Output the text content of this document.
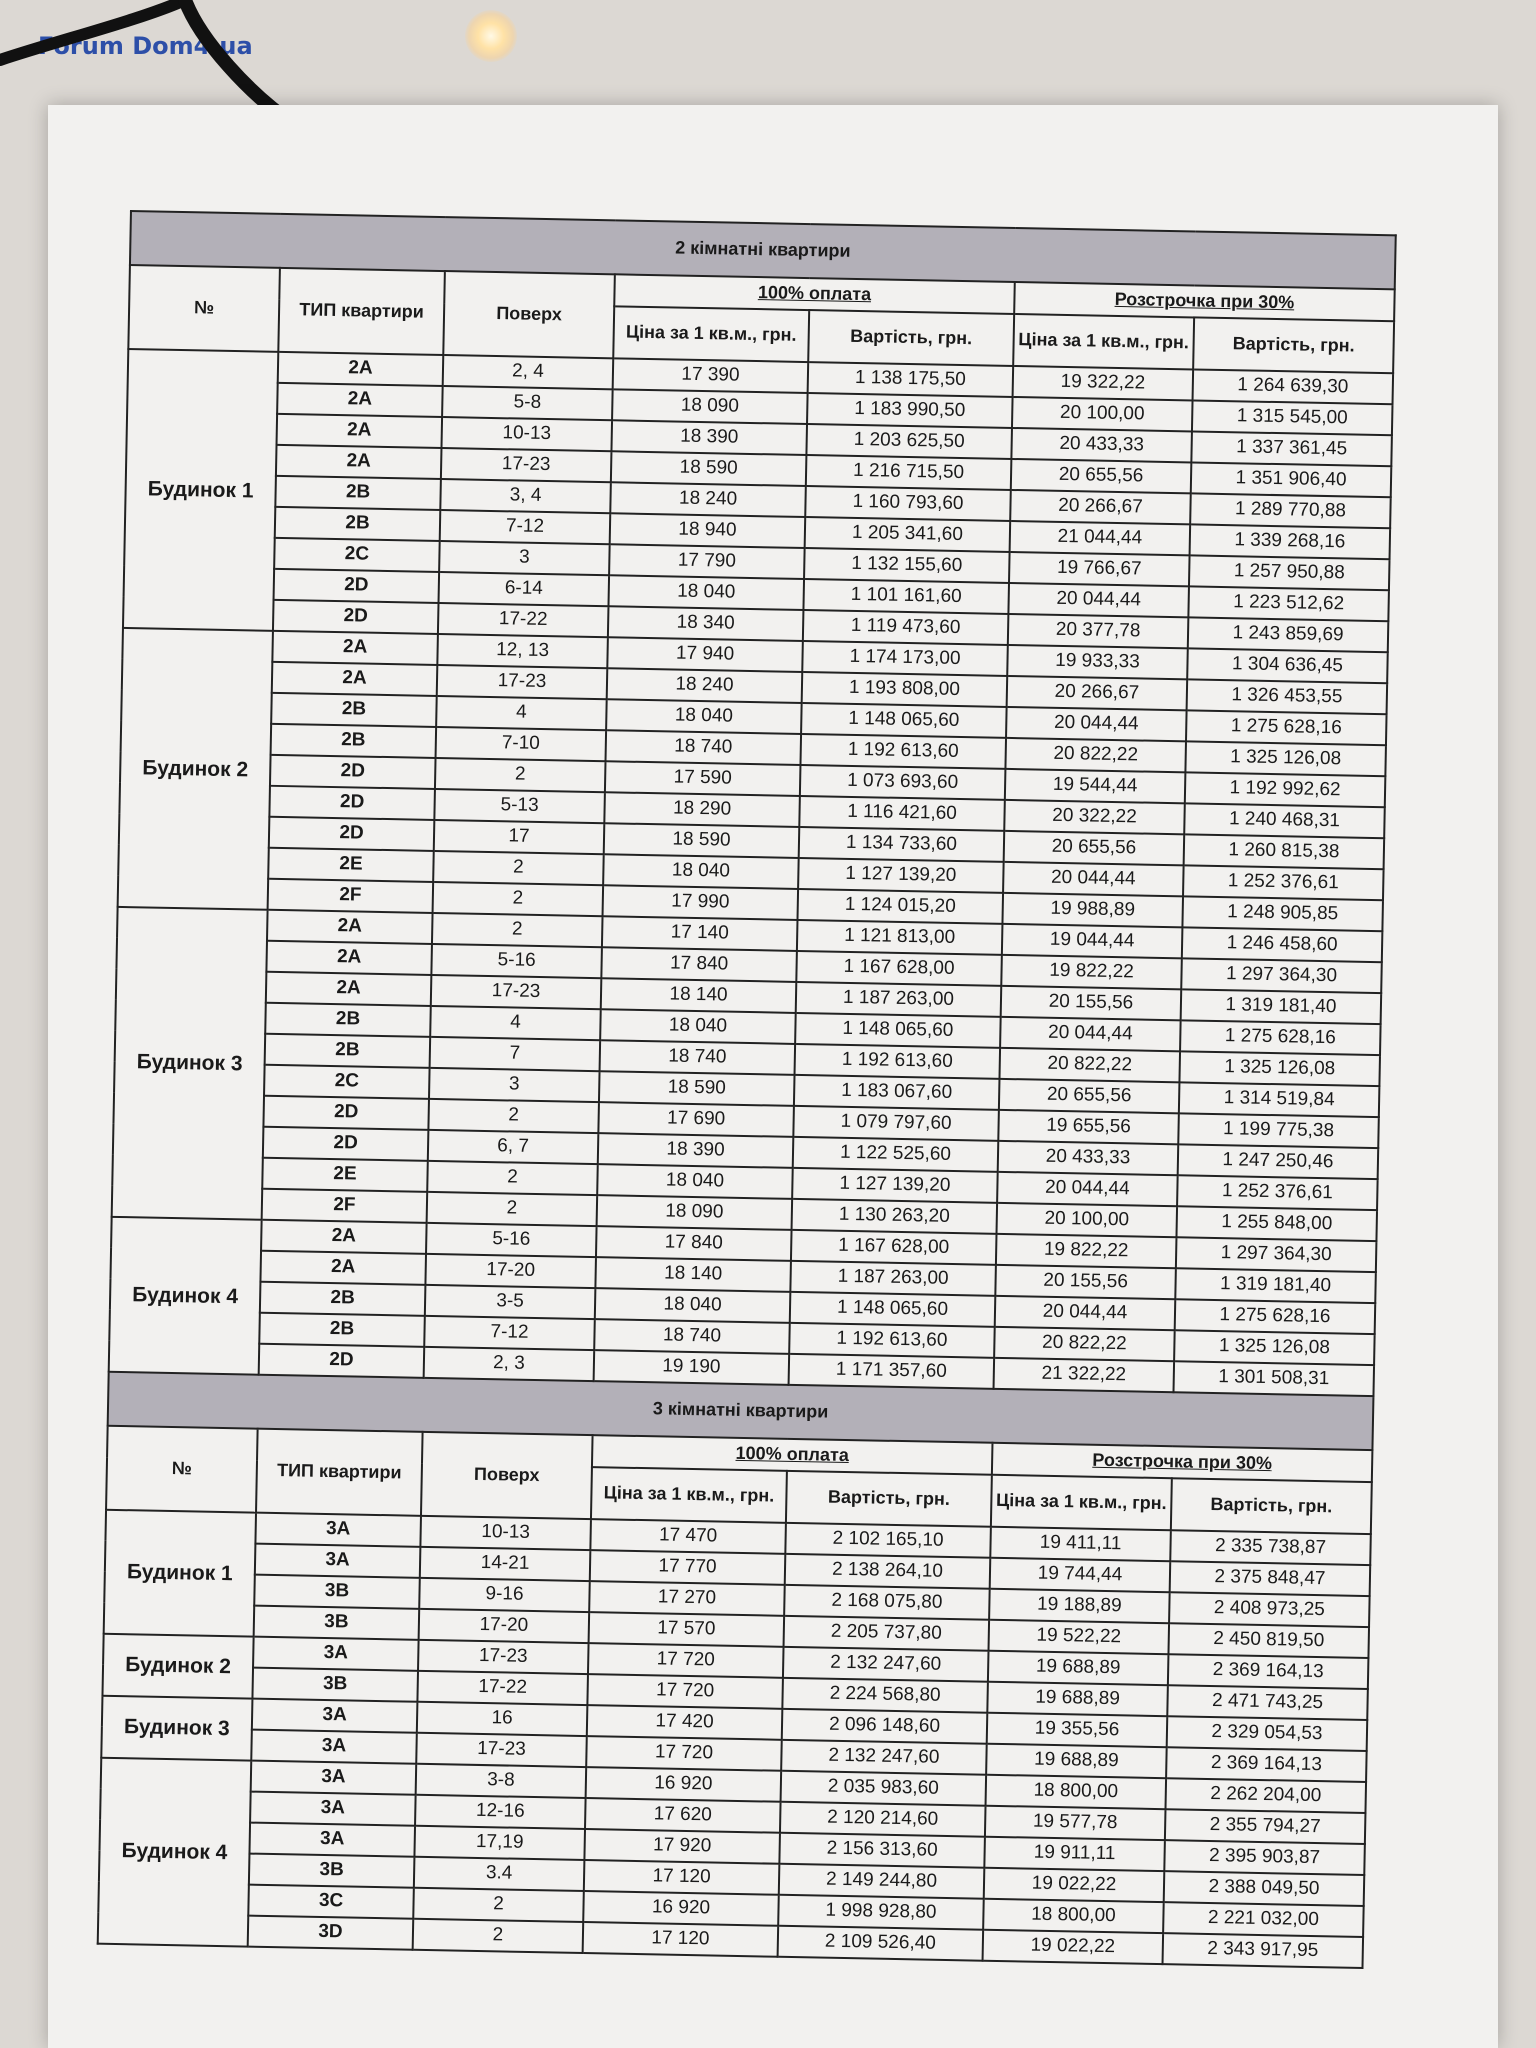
Forum Dom4.ua
2 кімнатні квартири						
№	ТИП квартири	Поверх	100% оплата		Розстрочка при 30%	
			Ціна за 1 кв.м., грн.	Вартість, грн.	Ціна за 1 кв.м., грн.	Вартість, грн.
Будинок 1	2А	2, 4	17 390	1 138 175,50	19 322,22	1 264 639,30
	2А	5-8	18 090	1 183 990,50	20 100,00	1 315 545,00
	2А	10-13	18 390	1 203 625,50	20 433,33	1 337 361,45
	2А	17-23	18 590	1 216 715,50	20 655,56	1 351 906,40
	2В	3, 4	18 240	1 160 793,60	20 266,67	1 289 770,88
	2В	7-12	18 940	1 205 341,60	21 044,44	1 339 268,16
	2С	3	17 790	1 132 155,60	19 766,67	1 257 950,88
	2D	6-14	18 040	1 101 161,60	20 044,44	1 223 512,62
	2D	17-22	18 340	1 119 473,60	20 377,78	1 243 859,69
Будинок 2	2А	12, 13	17 940	1 174 173,00	19 933,33	1 304 636,45
	2А	17-23	18 240	1 193 808,00	20 266,67	1 326 453,55
	2В	4	18 040	1 148 065,60	20 044,44	1 275 628,16
	2В	7-10	18 740	1 192 613,60	20 822,22	1 325 126,08
	2D	2	17 590	1 073 693,60	19 544,44	1 192 992,62
	2D	5-13	18 290	1 116 421,60	20 322,22	1 240 468,31
	2D	17	18 590	1 134 733,60	20 655,56	1 260 815,38
	2Е	2	18 040	1 127 139,20	20 044,44	1 252 376,61
	2F	2	17 990	1 124 015,20	19 988,89	1 248 905,85
Будинок 3	2А	2	17 140	1 121 813,00	19 044,44	1 246 458,60
	2А	5-16	17 840	1 167 628,00	19 822,22	1 297 364,30
	2А	17-23	18 140	1 187 263,00	20 155,56	1 319 181,40
	2В	4	18 040	1 148 065,60	20 044,44	1 275 628,16
	2В	7	18 740	1 192 613,60	20 822,22	1 325 126,08
	2С	3	18 590	1 183 067,60	20 655,56	1 314 519,84
	2D	2	17 690	1 079 797,60	19 655,56	1 199 775,38
	2D	6, 7	18 390	1 122 525,60	20 433,33	1 247 250,46
	2Е	2	18 040	1 127 139,20	20 044,44	1 252 376,61
	2F	2	18 090	1 130 263,20	20 100,00	1 255 848,00
Будинок 4	2А	5-16	17 840	1 167 628,00	19 822,22	1 297 364,30
	2А	17-20	18 140	1 187 263,00	20 155,56	1 319 181,40
	2В	3-5	18 040	1 148 065,60	20 044,44	1 275 628,16
	2В	7-12	18 740	1 192 613,60	20 822,22	1 325 126,08
	2D	2, 3	19 190	1 171 357,60	21 322,22	1 301 508,31
3 кімнатні квартири						
№	ТИП квартири	Поверх	100% оплата		Розстрочка при 30%	
			Ціна за 1 кв.м., грн.	Вартість, грн.	Ціна за 1 кв.м., грн.	Вартість, грн.
Будинок 1	3А	10-13	17 470	2 102 165,10	19 411,11	2 335 738,87
	3А	14-21	17 770	2 138 264,10	19 744,44	2 375 848,47
	3В	9-16	17 270	2 168 075,80	19 188,89	2 408 973,25
	3В	17-20	17 570	2 205 737,80	19 522,22	2 450 819,50
Будинок 2	3А	17-23	17 720	2 132 247,60	19 688,89	2 369 164,13
	3В	17-22	17 720	2 224 568,80	19 688,89	2 471 743,25
Будинок 3	3А	16	17 420	2 096 148,60	19 355,56	2 329 054,53
	3А	17-23	17 720	2 132 247,60	19 688,89	2 369 164,13
Будинок 4	3А	3-8	16 920	2 035 983,60	18 800,00	2 262 204,00
	3А	12-16	17 620	2 120 214,60	19 577,78	2 355 794,27
	3А	17,19	17 920	2 156 313,60	19 911,11	2 395 903,87
	3В	3.4	17 120	2 149 244,80	19 022,22	2 388 049,50
	3С	2	16 920	1 998 928,80	18 800,00	2 221 032,00
	3D	2	17 120	2 109 526,40	19 022,22	2 343 917,95
